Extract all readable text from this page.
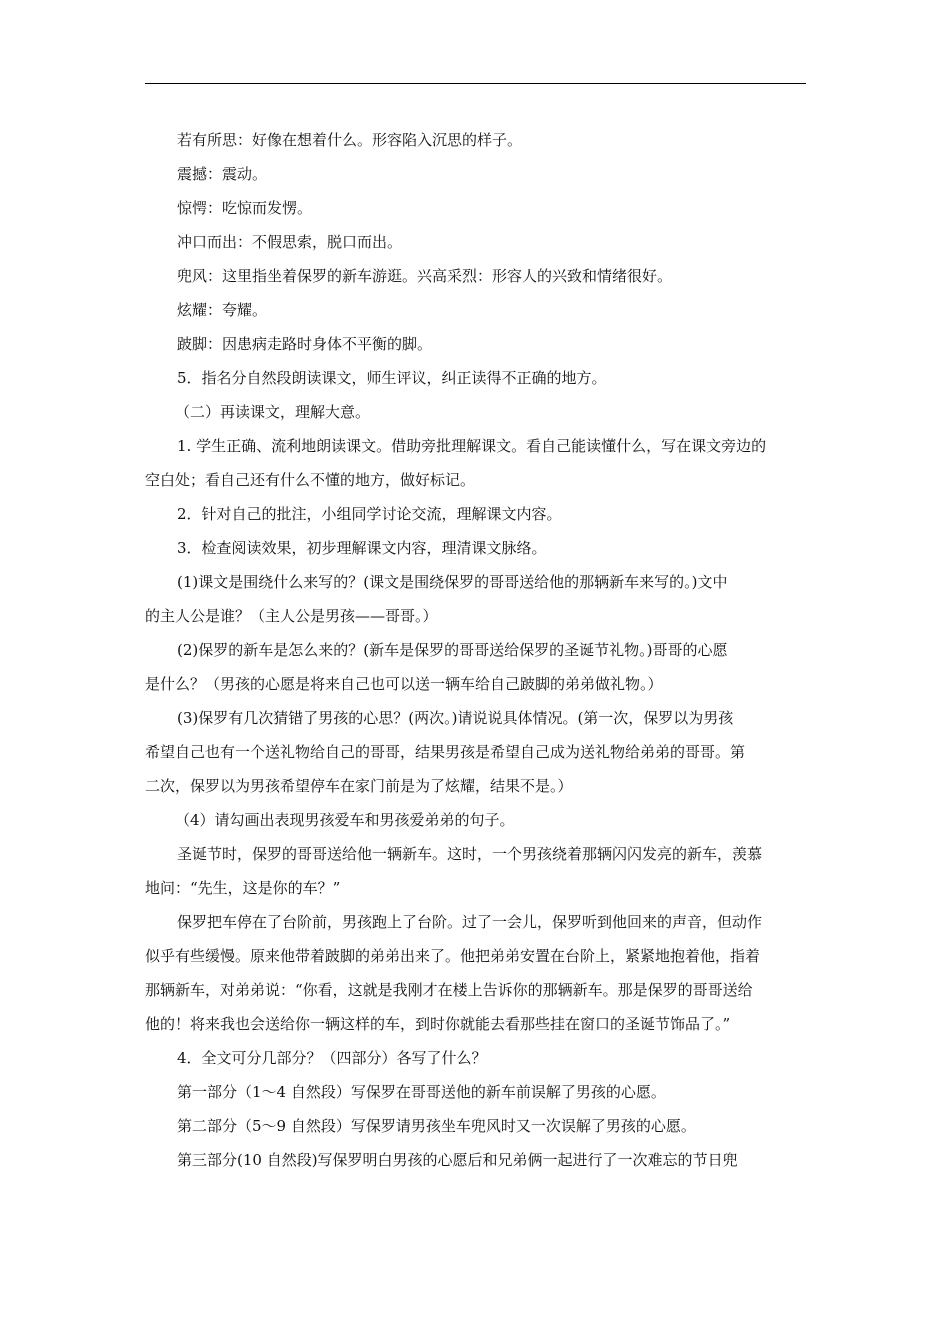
若有所思：好像在想着什么。形容陷入沉思的样子。

震撼：震动。

惊愕：吃惊而发愣。

冲口而出：不假思索，脱口而出。

兜风：这里指坐着保罗的新车游逛。兴高采烈：形容人的兴致和情绪很好。

炫耀：夸耀。

跛脚：因患病走路时身体不平衡的脚。

5．指名分自然段朗读课文，师生评议，纠正读得不正确的地方。

（二）再读课文，理解大意。

1. 学生正确、流利地朗读课文。借助旁批理解课文。看自己能读懂什么，写在课文旁边的

空白处；看自己还有什么不懂的地方，做好标记。

2．针对自己的批注，小组同学讨论交流，理解课文内容。

3．检查阅读效果，初步理解课文内容，理清课文脉络。

(1)课文是围绕什么来写的？(课文是围绕保罗的哥哥送给他的那辆新车来写的。)文中

的主人公是谁？（主人公是男孩——哥哥。）

(2)保罗的新车是怎么来的？(新车是保罗的哥哥送给保罗的圣诞节礼物。)哥哥的心愿

是什么？（男孩的心愿是将来自己也可以送一辆车给自己跛脚的弟弟做礼物。）

(3)保罗有几次猜错了男孩的心思？(两次。)请说说具体情况。(第一次，保罗以为男孩

希望自己也有一个送礼物给自己的哥哥，结果男孩是希望自己成为送礼物给弟弟的哥哥。第

二次，保罗以为男孩希望停车在家门前是为了炫耀，结果不是。）

（4）请勾画出表现男孩爱车和男孩爱弟弟的句子。

圣诞节时，保罗的哥哥送给他一辆新车。这时，一个男孩绕着那辆闪闪发亮的新车，羡慕

地问：“先生，这是你的车？”

保罗把车停在了台阶前，男孩跑上了台阶。过了一会儿，保罗听到他回来的声音，但动作

似乎有些缓慢。原来他带着跛脚的弟弟出来了。他把弟弟安置在台阶上，紧紧地抱着他，指着

那辆新车，对弟弟说：“你看，这就是我刚才在楼上告诉你的那辆新车。那是保罗的哥哥送给

他的！将来我也会送给你一辆这样的车，到时你就能去看那些挂在窗口的圣诞节饰品了。”

4．全文可分几部分？（四部分）各写了什么？

第一部分（1～4 自然段）写保罗在哥哥送他的新车前误解了男孩的心愿。

第二部分（5～9 自然段）写保罗请男孩坐车兜风时又一次误解了男孩的心愿。

第三部分(10 自然段)写保罗明白男孩的心愿后和兄弟俩一起进行了一次难忘的节日兜
